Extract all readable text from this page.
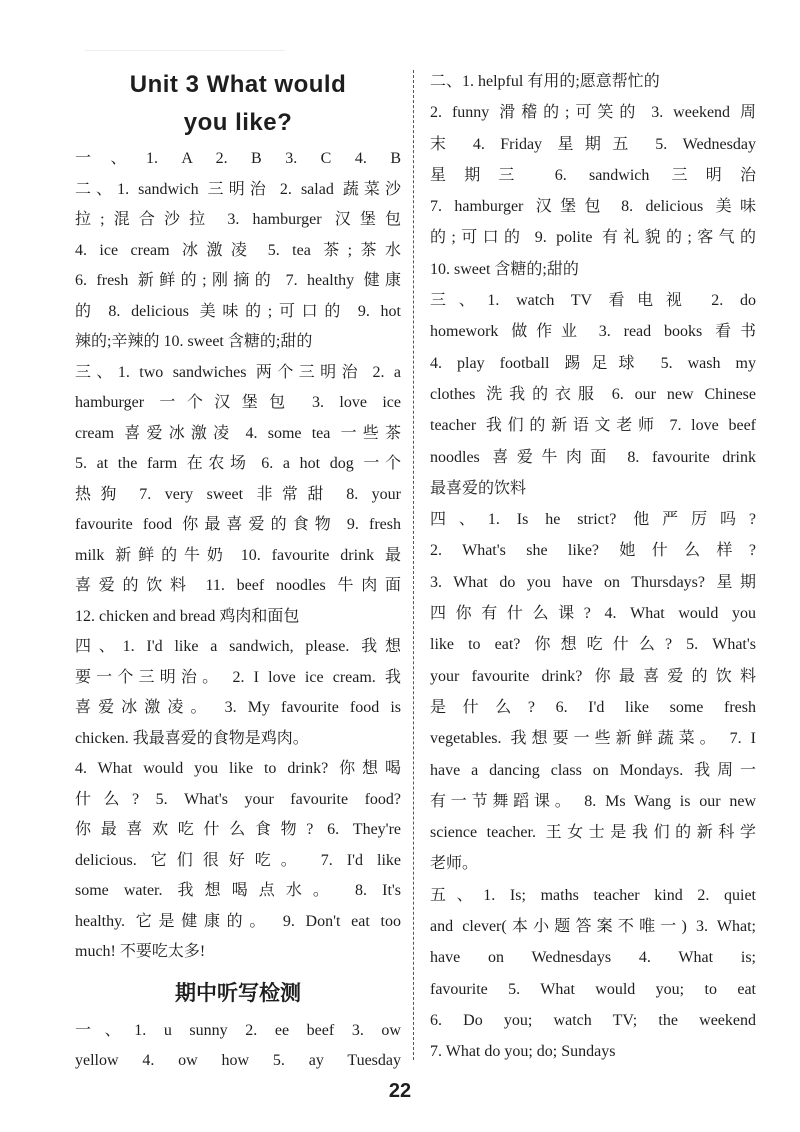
Unit 3 What would
you like?
一、1. A 2. B 3. C 4. B
二、1. sandwich 三明治 2. salad 蔬菜沙
拉;混合沙拉 3. hamburger 汉堡包
4. ice cream 冰激凌 5. tea 茶;茶水
6. fresh 新鲜的;刚摘的 7. healthy 健康
的 8. delicious 美味的;可口的 9. hot
辣的;辛辣的 10. sweet 含糖的;甜的
三、1. two sandwiches 两个三明治 2. a
hamburger 一个汉堡包 3. love ice
cream 喜爱冰激凌 4. some tea 一些茶
5. at the farm 在农场 6. a hot dog 一个
热狗 7. very sweet 非常甜 8. your
favourite food 你最喜爱的食物 9. fresh
milk 新鲜的牛奶 10. favourite drink 最
喜爱的饮料 11. beef noodles 牛肉面
12. chicken and bread 鸡肉和面包
四、1. I'd like a sandwich, please. 我想
要一个三明治。 2. I love ice cream. 我
喜爱冰激凌。 3. My favourite food is
chicken. 我最喜爱的食物是鸡肉。
4. What would you like to drink? 你想喝
什么? 5. What's your favourite food?
你最喜欢吃什么食物? 6. They're
delicious. 它们很好吃。 7. I'd like
some water. 我想喝点水。 8. It's
healthy. 它是健康的。 9. Don't eat too
much! 不要吃太多!
期中听写检测
一、1. u sunny 2. ee beef 3. ow
yellow 4. ow how 5. ay Tuesday
二、1. helpful 有用的;愿意帮忙的
2. funny 滑稽的;可笑的 3. weekend 周
末 4. Friday 星期五 5. Wednesday
星期三 6. sandwich 三明治
7. hamburger 汉堡包 8. delicious 美味
的;可口的 9. polite 有礼貌的;客气的
10. sweet 含糖的;甜的
三、1. watch TV 看电视 2. do
homework 做作业 3. read books 看书
4. play football 踢足球 5. wash my
clothes 洗我的衣服 6. our new Chinese
teacher 我们的新语文老师 7. love beef
noodles 喜爱牛肉面 8. favourite drink
最喜爱的饮料
四、1. Is he strict? 他严厉吗?
2. What's she like? 她什么样?
3. What do you have on Thursdays? 星期
四你有什么课? 4. What would you
like to eat? 你想吃什么? 5. What's
your favourite drink? 你最喜爱的饮料
是什么? 6. I'd like some fresh
vegetables. 我想要一些新鲜蔬菜。 7. I
have a dancing class on Mondays. 我周一
有一节舞蹈课。 8. Ms Wang is our new
science teacher. 王女士是我们的新科学
老师。
五、1. Is; maths teacher kind 2. quiet
and clever(本小题答案不唯一) 3. What;
have on Wednesdays 4. What is;
favourite 5. What would you; to eat
6. Do you; watch TV; the weekend
7. What do you; do; Sundays
22
